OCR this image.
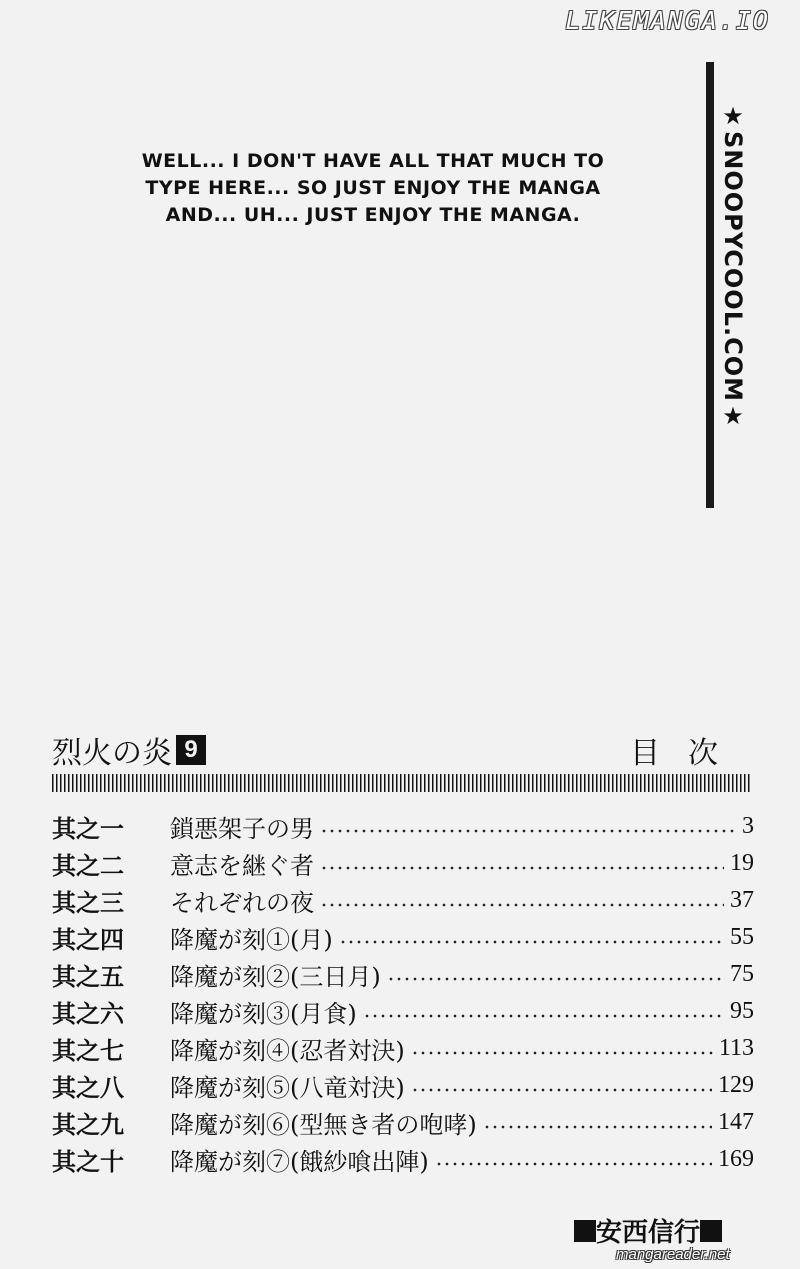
LIKEMANGA.IO
WELL... I DON'T HAVE ALL THAT MUCH TO
TYPE HERE... SO JUST ENJOY THE MANGA
AND... UH... JUST ENJOY THE MANGA.	★SNOOPYCOOL.COM★
烈火の炎 9	目次
其之一	鎖悪架子の男	3
其之二	意志を継ぐ者	19
其之三	それぞれの夜	37
其之四	降魔が刻①(月)	55
其之五	降魔が刻②(三日月)	75
其之六	降魔が刻③(月食)	95
其之七	降魔が刻④(忍者対決)	113
其之八	降魔が刻⑤(八竜対決)	129
其之九	降魔が刻⑥(型無き者の咆哮)	147
其之十	降魔が刻⑦(餓紗喰出陣)	169
安西信行
mangareader.net
